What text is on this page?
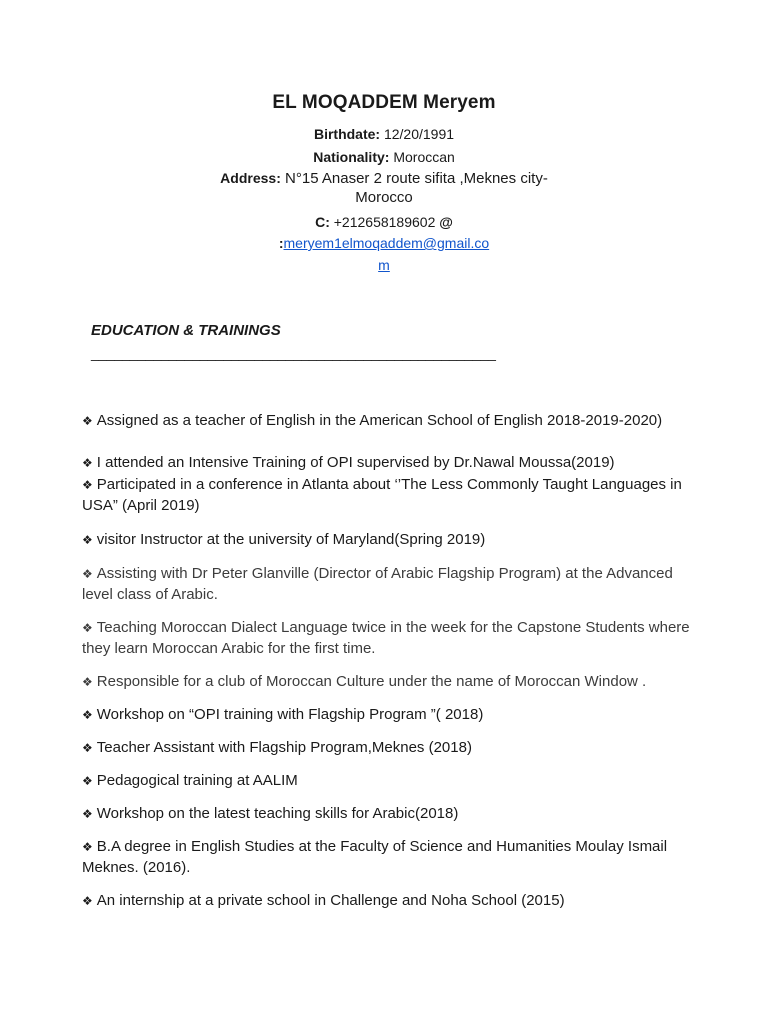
EL MOQADDEM Meryem
Birthdate: 12/20/1991
Nationality: Moroccan
Address: N°15 Anaser 2 route sifita ,Meknes city-
Morocco
C: +212658189602 @
:meryem1elmoqaddem@gmail.co
m
EDUCATION & TRAININGS
____________________________________________________
❖ Assigned as a teacher of English in the American School of English 2018-2019-2020)
❖ I attended an Intensive Training of OPI supervised by Dr.Nawal Moussa(2019)
❖ Participated in a conference in Atlanta about ‘’The Less Commonly Taught Languages in USA” (April 2019)
❖ visitor Instructor at the university of Maryland(Spring 2019)
❖ Assisting with Dr Peter Glanville (Director of Arabic Flagship Program) at the Advanced level class of Arabic.
❖ Teaching Moroccan Dialect Language twice in the week for the Capstone Students where they learn Moroccan Arabic for the first time.
❖ Responsible for a club of Moroccan Culture under the name of Moroccan Window .
❖ Workshop on “OPI training with Flagship Program ”( 2018)
❖ Teacher Assistant with Flagship Program,Meknes (2018)
❖ Pedagogical training at AALIM
❖ Workshop on the latest teaching skills for Arabic(2018)
❖ B.A degree in English Studies at the Faculty of Science and Humanities Moulay Ismail Meknes. (2016).
❖ An internship at a private school in Challenge and Noha School (2015)
